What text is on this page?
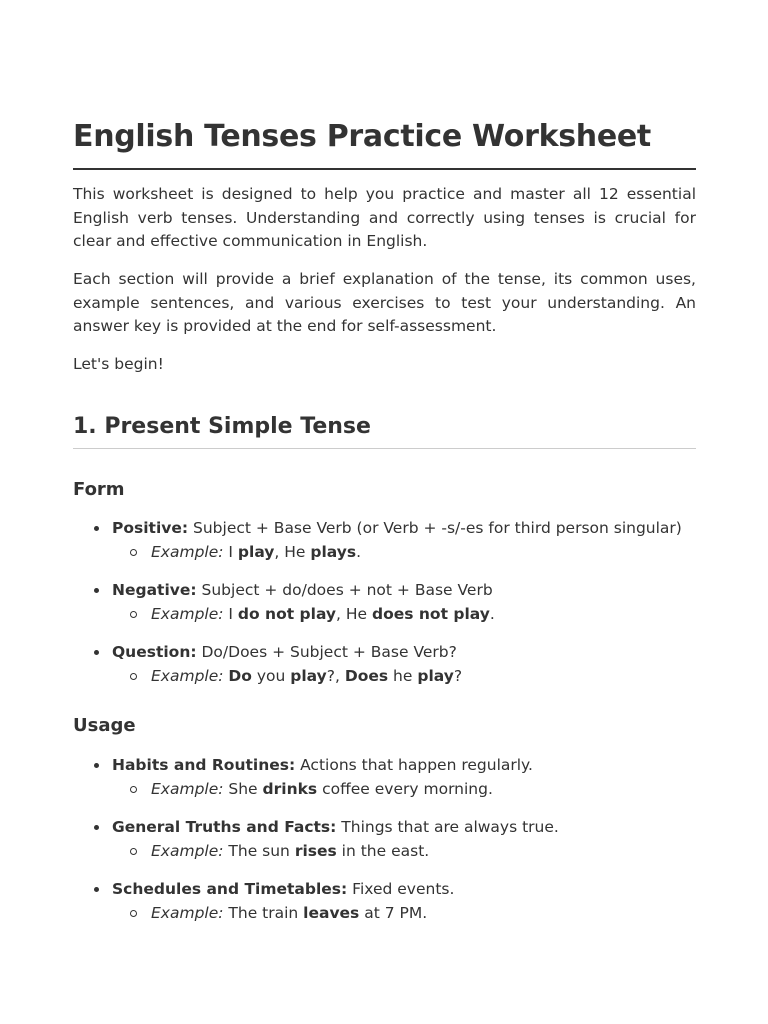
English Tenses Practice Worksheet

This worksheet is designed to help you practice and master all 12 essential English verb tenses. Understanding and correctly using tenses is crucial for clear and effective communication in English.

Each section will provide a brief explanation of the tense, its common uses, example sentences, and various exercises to test your understanding. An answer key is provided at the end for self-assessment.

Let's begin!

1. Present Simple Tense
Form
Positive: Subject + Base Verb (or Verb + -s/-es for third person singular)
Example: I play, He plays.
Negative: Subject + do/does + not + Base Verb
Example: I do not play, He does not play.
Question: Do/Does + Subject + Base Verb?
Example: Do you play?, Does he play?
Usage
Habits and Routines: Actions that happen regularly.
Example: She drinks coffee every morning.
General Truths and Facts: Things that are always true.
Example: The sun rises in the east.
Schedules and Timetables: Fixed events.
Example: The train leaves at 7 PM.
